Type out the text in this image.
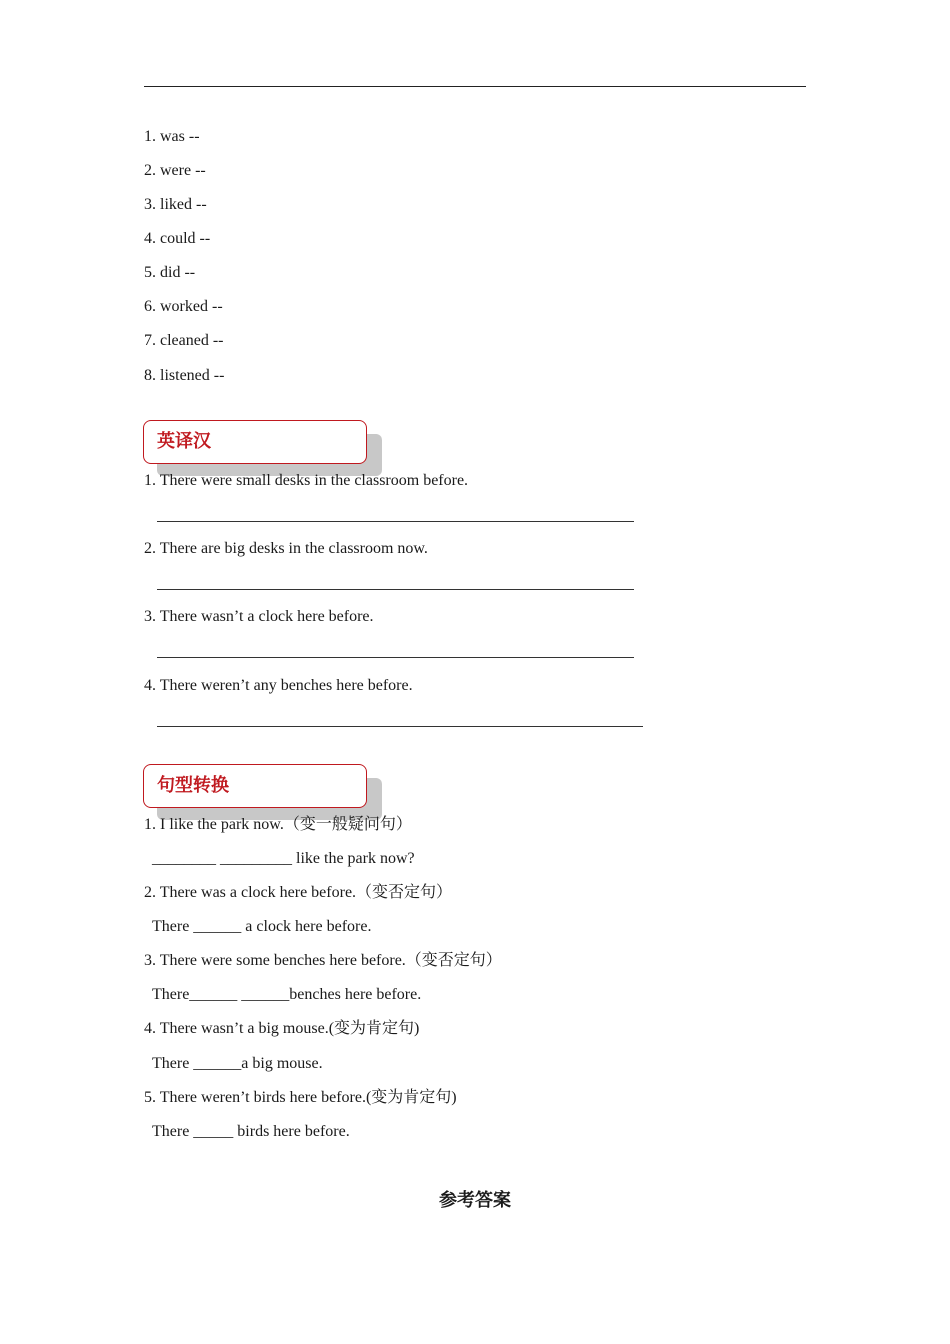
1. was --
2. were --
3. liked --
4. could --
5. did --
6. worked --
7. cleaned --
8. listened --
英译汉
1. There were small desks in the classroom before.
2. There are big desks in the classroom now.
3. There wasn’t a clock here before.
4. There weren’t any benches here before.
句型转换
1. I like the park now.（变一般疑问句）
________ _________ like the park now?
2. There was a clock here before.（变否定句）
There ______ a clock here before.
3. There were some benches here before.（变否定句）
There______ ______benches here before.
4. There wasn’t a big mouse.(变为肯定句)
There ______a big mouse.
5. There weren’t birds here before.(变为肯定句)
There _____ birds here before.
参考答案
